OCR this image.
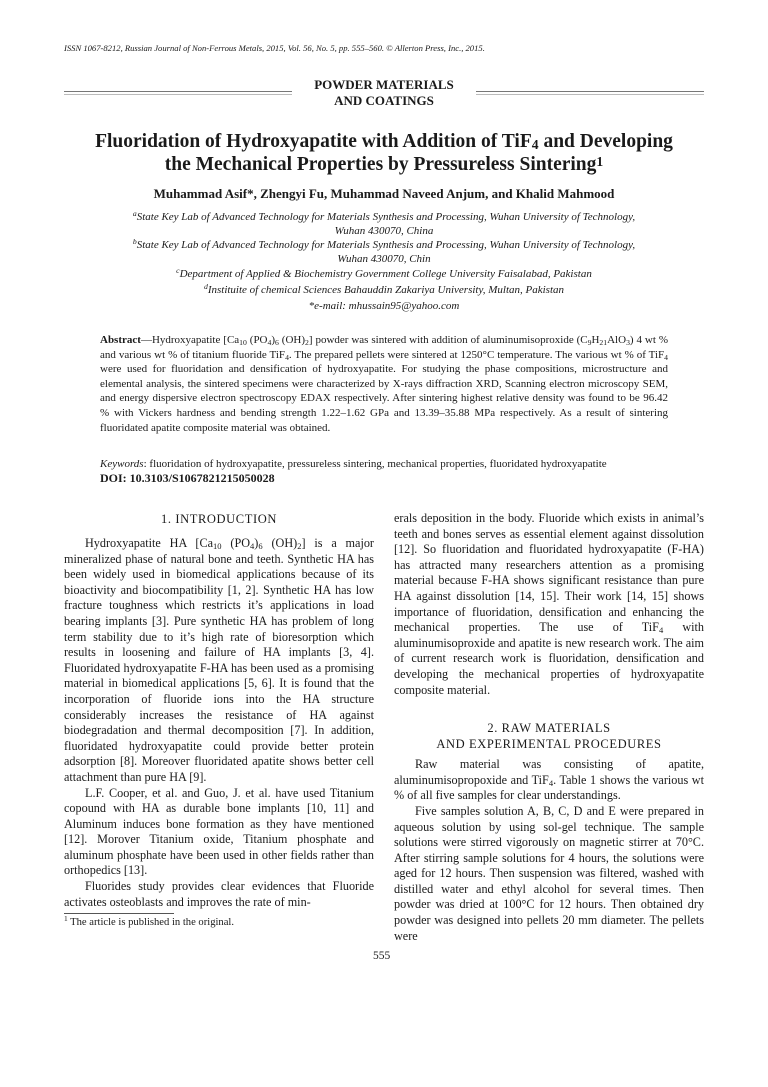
ISSN 1067-8212, Russian Journal of Non-Ferrous Metals, 2015, Vol. 56, No. 5, pp. 555–560. © Allerton Press, Inc., 2015.
POWDER MATERIALS
AND COATINGS
Fluoridation of Hydroxyapatite with Addition of TiF$_4$ and Developing
the Mechanical Properties by Pressureless Sintering$^1$
Muhammad Asif*, Zhengyi Fu, Muhammad Naveed Anjum, and Khalid Mahmood
$^a$State Key Lab of Advanced Technology for Materials Synthesis and Processing, Wuhan University of Technology,
Wuhan 430070, China
$^b$State Key Lab of Advanced Technology for Materials Synthesis and Processing, Wuhan University of Technology,
Wuhan 430070, Chin
$^c$Department of Applied & Biochemistry Government College University Faisalabad, Pakistan
$^d$Instituite of chemical Sciences Bahauddin Zakariya University, Multan, Pakistan
*e-mail: mhussain95@yahoo.com
Abstract—Hydroxyapatite [$Ca_{10}$ $(PO_4)_6$ $(OH)_2$] powder was sintered with addition of aluminumisoproxide $(C_9H_{21}AlO_3)$ 4 wt % and various wt % of titanium fluoride TiF$_4$. The prepared pellets were sintered at 1250°C temperature. The various wt % of TiF$_4$ were used for fluoridation and densification of hydroxyapatite. For studying the phase compositions, microstructure and elemental analysis, the sintered specimens were characterized by X-rays diffraction XRD, Scanning electron microscopy SEM, and energy dispersive electron spectroscopy EDAX respectively. After sintering highest relative density was found to be 96.42 % with Vickers hardness and bending strength 1.22–1.62 GPa and 13.39–35.88 MPa respectively. As a result of sintering fluoridated apatite composite material was obtained.
Keywords: fluoridation of hydroxyapatite, pressureless sintering, mechanical properties, fluoridated hydroxyapatite
DOI: 10.3103/S1067821215050028
1. INTRODUCTION

Hydroxyapatite HA [$Ca_{10}$ $(PO_4)_6$ $(OH)_2$] is a major mineralized phase of natural bone and teeth. Synthetic HA has been widely used in biomedical applications because of its bioactivity and biocompatibility [1, 2]. Synthetic HA has low fracture toughness which restricts it’s applications in load bearing implants [3]. Pure synthetic HA has problem of long term stability due to it’s high rate of bioresorption which results in loosening and failure of HA implants [3, 4]. Fluoridated hydroxyapatite F-HA has been used as a promising material in biomedical applications [5, 6]. It is found that the incorporation of fluoride ions into the HA structure considerably increases the resistance of HA against biodegradation and thermal decomposition [7]. In addition, fluoridated hydroxyapatite could provide better protein adsorption [8]. Moreover fluoridated apatite shows better cell attachment than pure HA [9].

L.F. Cooper, et al. and Guo, J. et al. have used Titanium copound with HA as durable bone implants [10, 11] and Aluminum induces bone formation as they have mentioned [12]. Morover Titanium oxide, Titanium phosphate and aluminum phosphate have been used in other fields rather than orthopedics [13].

Fluorides study provides clear evidences that Fluoride activates osteoblasts and improves the rate of min-

$^1$ The article is published in the original.

erals deposition in the body. Fluoride which exists in animal’s teeth and bones serves as essential element against dissolution [12]. So fluoridation and fluoridated hydroxyapatite (F-HA) has attracted many researchers attention as a promising material because F-HA shows significant resistance than pure HA against dissolution [14, 15]. Their work [14, 15] shows importance of fluoridation, densification and enhancing the mechanical properties. The use of TiF$_4$ with aluminumisoproxide and apatite is new research work. The aim of current research work is fluoridation, densification and developing the mechanical properties of hydroxyapatite composite material.

2. RAW MATERIALS
AND EXPERIMENTAL PROCEDURES

Raw material was consisting of apatite, aluminumisopropoxide and TiF$_4$. Table 1 shows the various wt % of all five samples for clear understandings.

Five samples solution A, B, C, D and E were prepared in aqueous solution by using sol-gel technique. The sample solutions were stirred vigorously on magnetic stirrer at 70°C. After stirring sample solutions for 4 hours, the solutions were aged for 12 hours. Then suspension was filtered, washed with distilled water and ethyl alcohol for several times. Then powder was dried at 100°C for 12 hours. Then obtained dry powder was designed into pellets 20 mm diameter. The pellets were

555
